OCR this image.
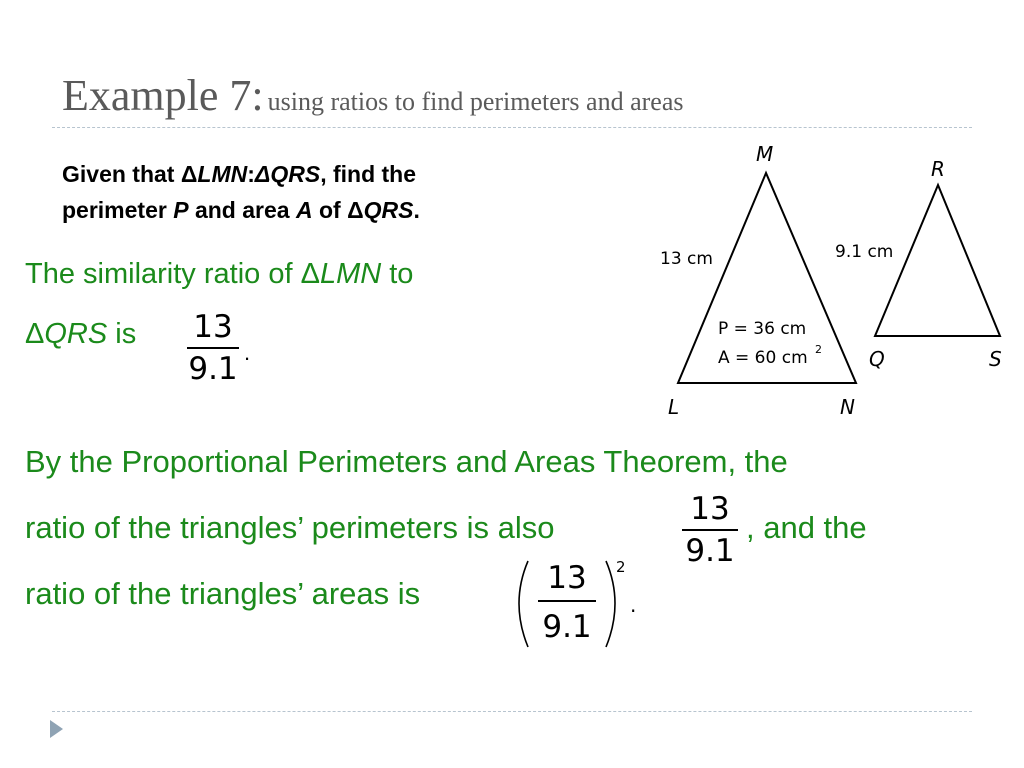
Example 7: using ratios to find perimeters and areas
Given that ΔLMN:ΔQRS, find the
perimeter P and area A of ΔQRS.
The similarity ratio of ΔLMN to
ΔQRS is 13
9.1 .
By the Proportional Perimeters and Areas Theorem, the
ratio of the triangles’ perimeters is also
13
9.1
, and the
ratio of the triangles’ areas is	13
9.1
2
.
M
L	N
R
Q	S
13 cm	9.1 cm
P = 36 cm
A = 60 cm 2
